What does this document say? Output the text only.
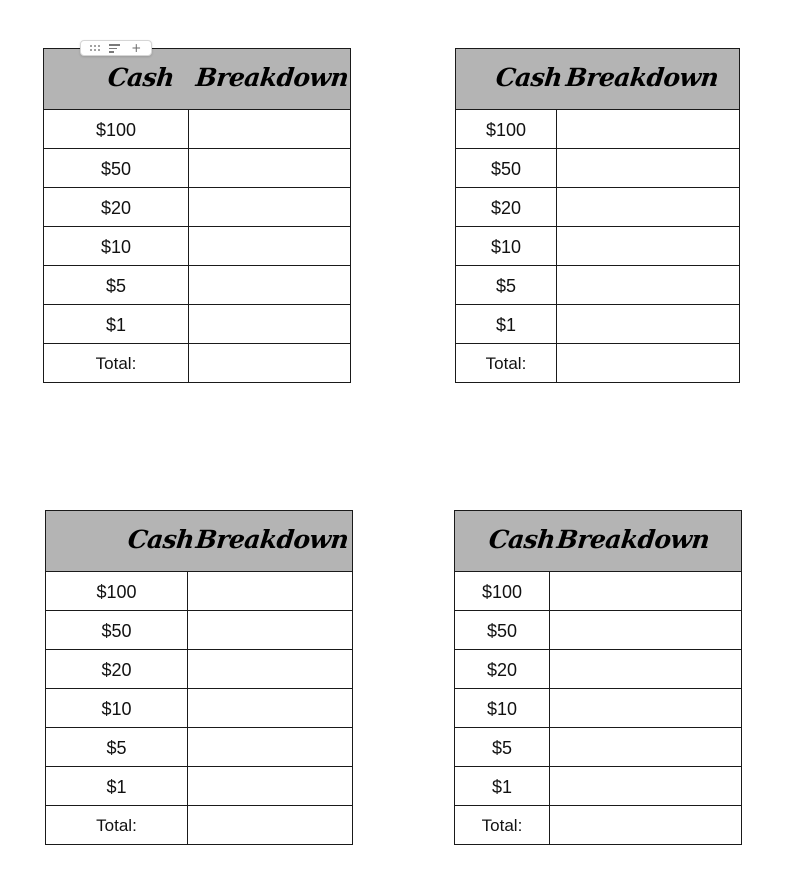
Cash Breakdown	

$100	
$50	
$20	
$10	
$5	
$1	
Total:	
Cash Breakdown	

$100	
$50	
$20	
$10	
$5	
$1	
Total:	
Cash
Breakdown	

$100	
$50	
$20	
$10	
$5	
$1	
Total:	
Cash
Breakdown	

$100	
$50	
$20	
$10	
$5	
$1	
Total:	
+
